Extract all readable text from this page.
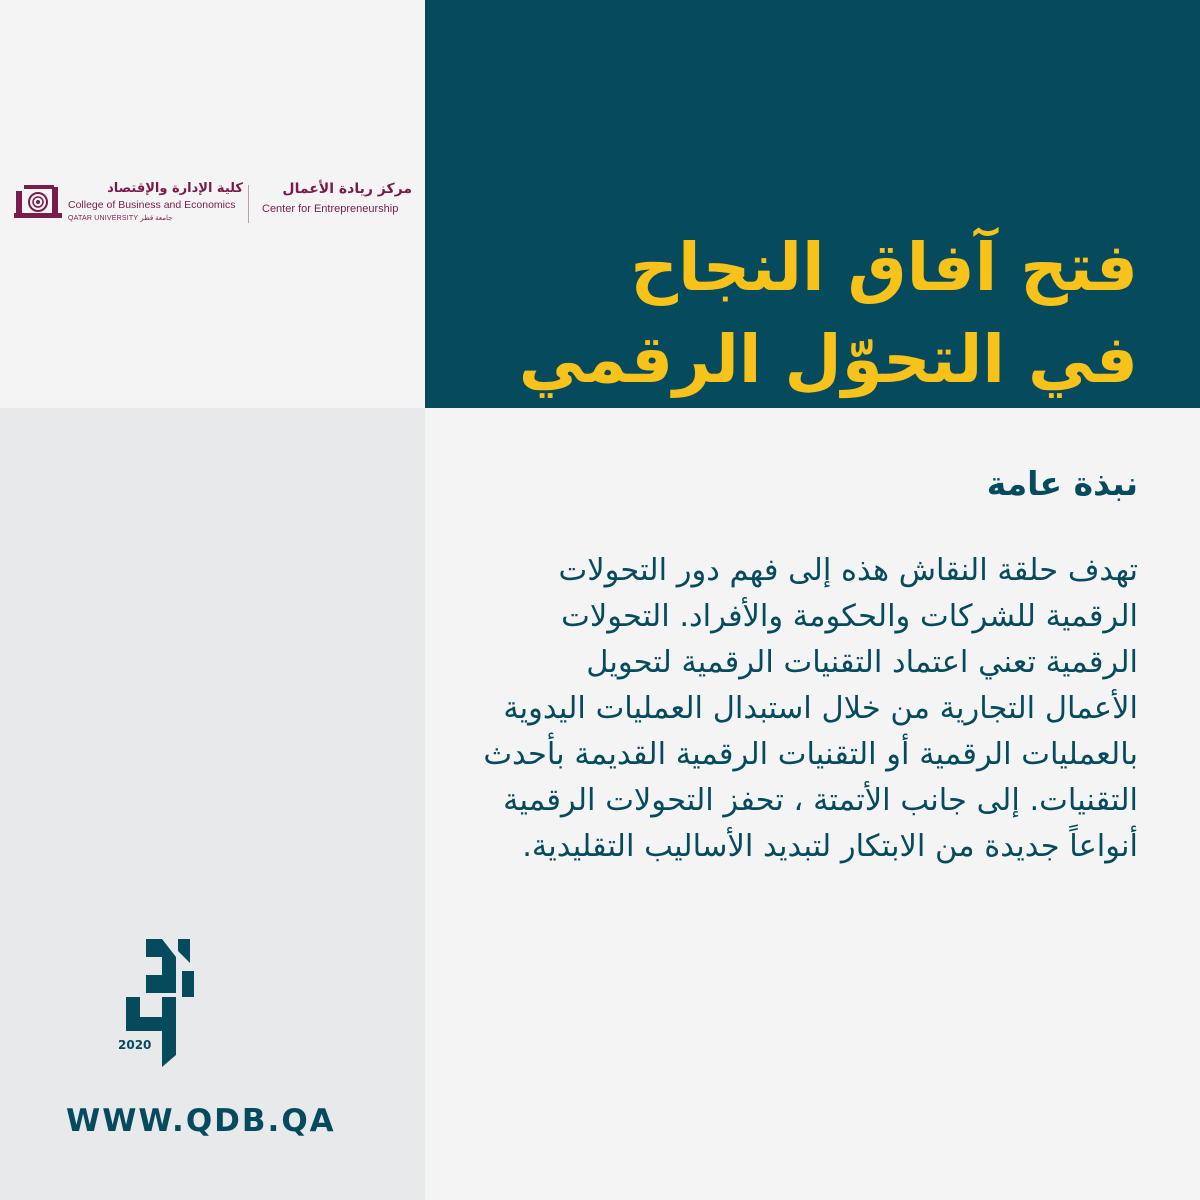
كلية الإدارة والإقتصاد
College of Business and Economics
QATAR UNIVERSITY جامعة قطر
مركز ريادة الأعمال
Center for Entrepreneurship
فتح آفاق النجاح
في التحوّل الرقمي
نبذة عامة

تهدف حلقة النقاش هذه إلى فهم دور التحولات
الرقمية للشركات والحكومة والأفراد. التحولات
الرقمية تعني اعتماد التقنيات الرقمية لتحويل
الأعمال التجارية من خلال استبدال العمليات اليدوية
بالعمليات الرقمية أو التقنيات الرقمية القديمة بأحدث
التقنيات. إلى جانب الأتمتة ، تحفز التحولات الرقمية
أنواعاً جديدة من الابتكار لتبديد الأساليب التقليدية.

2020
WWW.QDB.QA
